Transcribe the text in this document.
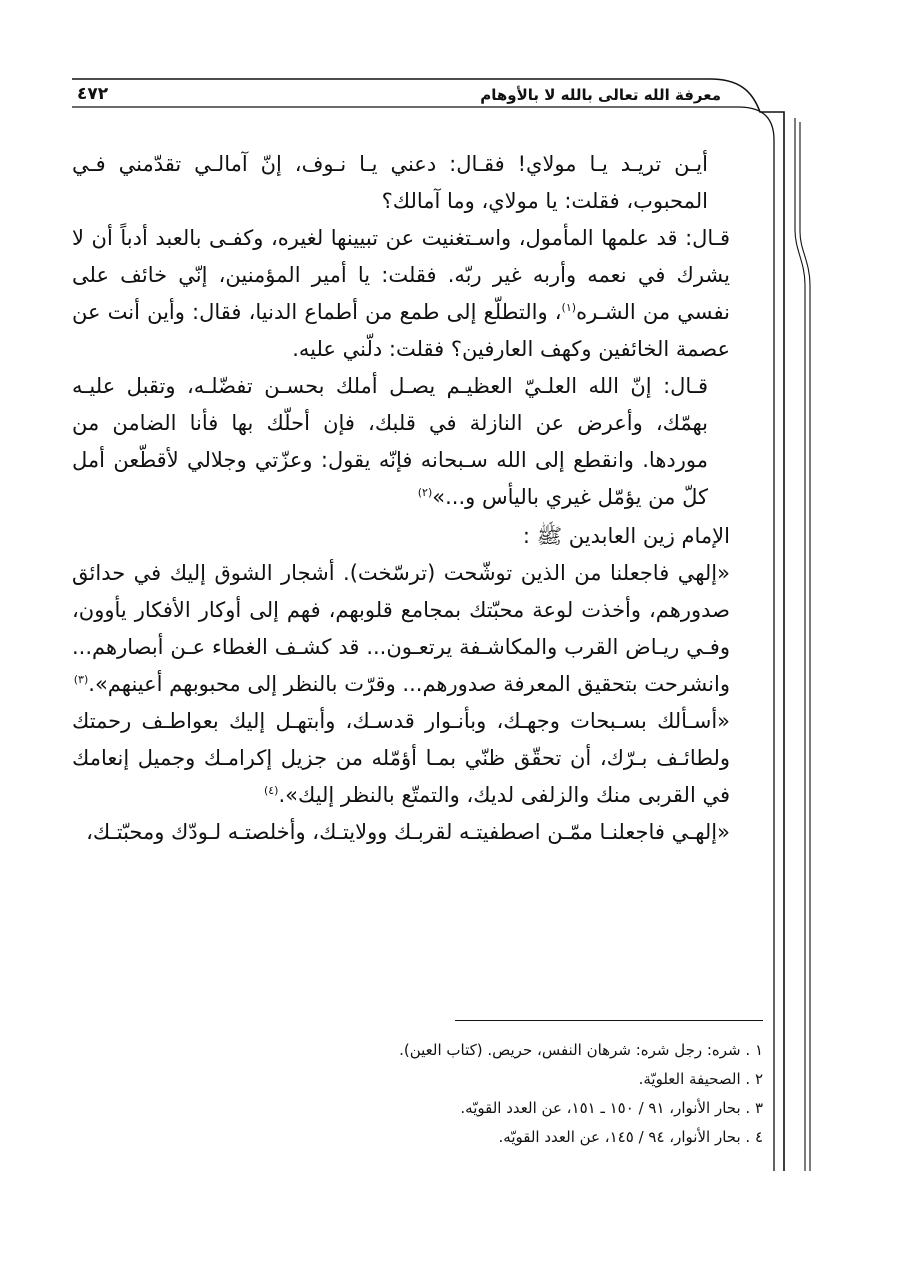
معرفة الله تعالى بالله لا بالأوهام
٤٧٢

أيـن تريـد يـا مولاي! فقـال: دعني يـا نـوف، إنّ آمالـي تقدّمني فـي المحبوب، فقلت: يا مولاي، وما آمالك؟

قـال: قد علمها المأمول، واسـتغنيت عن تبيينها لغيره، وكفـى بالعبد أدباً أن لا يشرك في نعمه وأربه غير ربّه. فقلت: يا أمير المؤمنين، إنّي خائف على نفسي من الشـره$^{(١)}$، والتطلّع إلى طمع من أطماع الدنيا، فقال: وأين أنت عن عصمة الخائفين وكهف العارفين؟ فقلت: دلّني عليه.

قـال: إنّ الله العلـيّ العظيـم يصـل أملك بحسـن تفضّلـه، وتقبل عليـه بهمّك، وأعرض عن النازلة في قلبك، فإن أحلّك بها فأنا الضامن من موردها. وانقطع إلى الله سـبحانه فإنّه يقول: وعزّتي وجلالي لأقطّعن أمل كلّ من يؤمّل غيري باليأس و...»$^{(٢)}$

الإمام زين العابدين ﷺ :

«إلهي فاجعلنا من الذين توشّحت (ترسّخت). أشجار الشوق إليك في حدائق صدورهم، وأخذت لوعة محبّتك بمجامع قلوبهم، فهم إلى أوكار الأفكار يأوون، وفـي ريـاض القرب والمكاشـفة يرتعـون... قد كشـف الغطاء عـن أبصارهم... وانشرحت بتحقيق المعرفة صدورهم... وقرّت بالنظر إلى محبوبهم أعينهم».$^{(٣)}$

«أسـألك بسـبحات وجهـك، وبأنـوار قدسـك، وأبتهـل إليك بعواطـف رحمتك ولطائـف بـرّك، أن تحقّق ظنّي بمـا أؤمّله من جزيل إكرامـك وجميل إنعامك في القربى منك والزلفى لديك، والتمتّع بالنظر إليك».$^{(٤)}$

«إلهـي فاجعلنـا ممّـن اصطفيتـه لقربـك وولايتـك، وأخلصتـه لـودّك ومحبّتـك،

١ . شره: رجل شره: شرهان النفس، حريص. (كتاب العين).

٢ . الصحيفة العلويّة.

٣ . بحار الأنوار، ٩١ / ١٥٠ ـ ١٥١، عن العدد القويّه.

٤ . بحار الأنوار، ٩٤ / ١٤٥، عن العدد القويّه.
